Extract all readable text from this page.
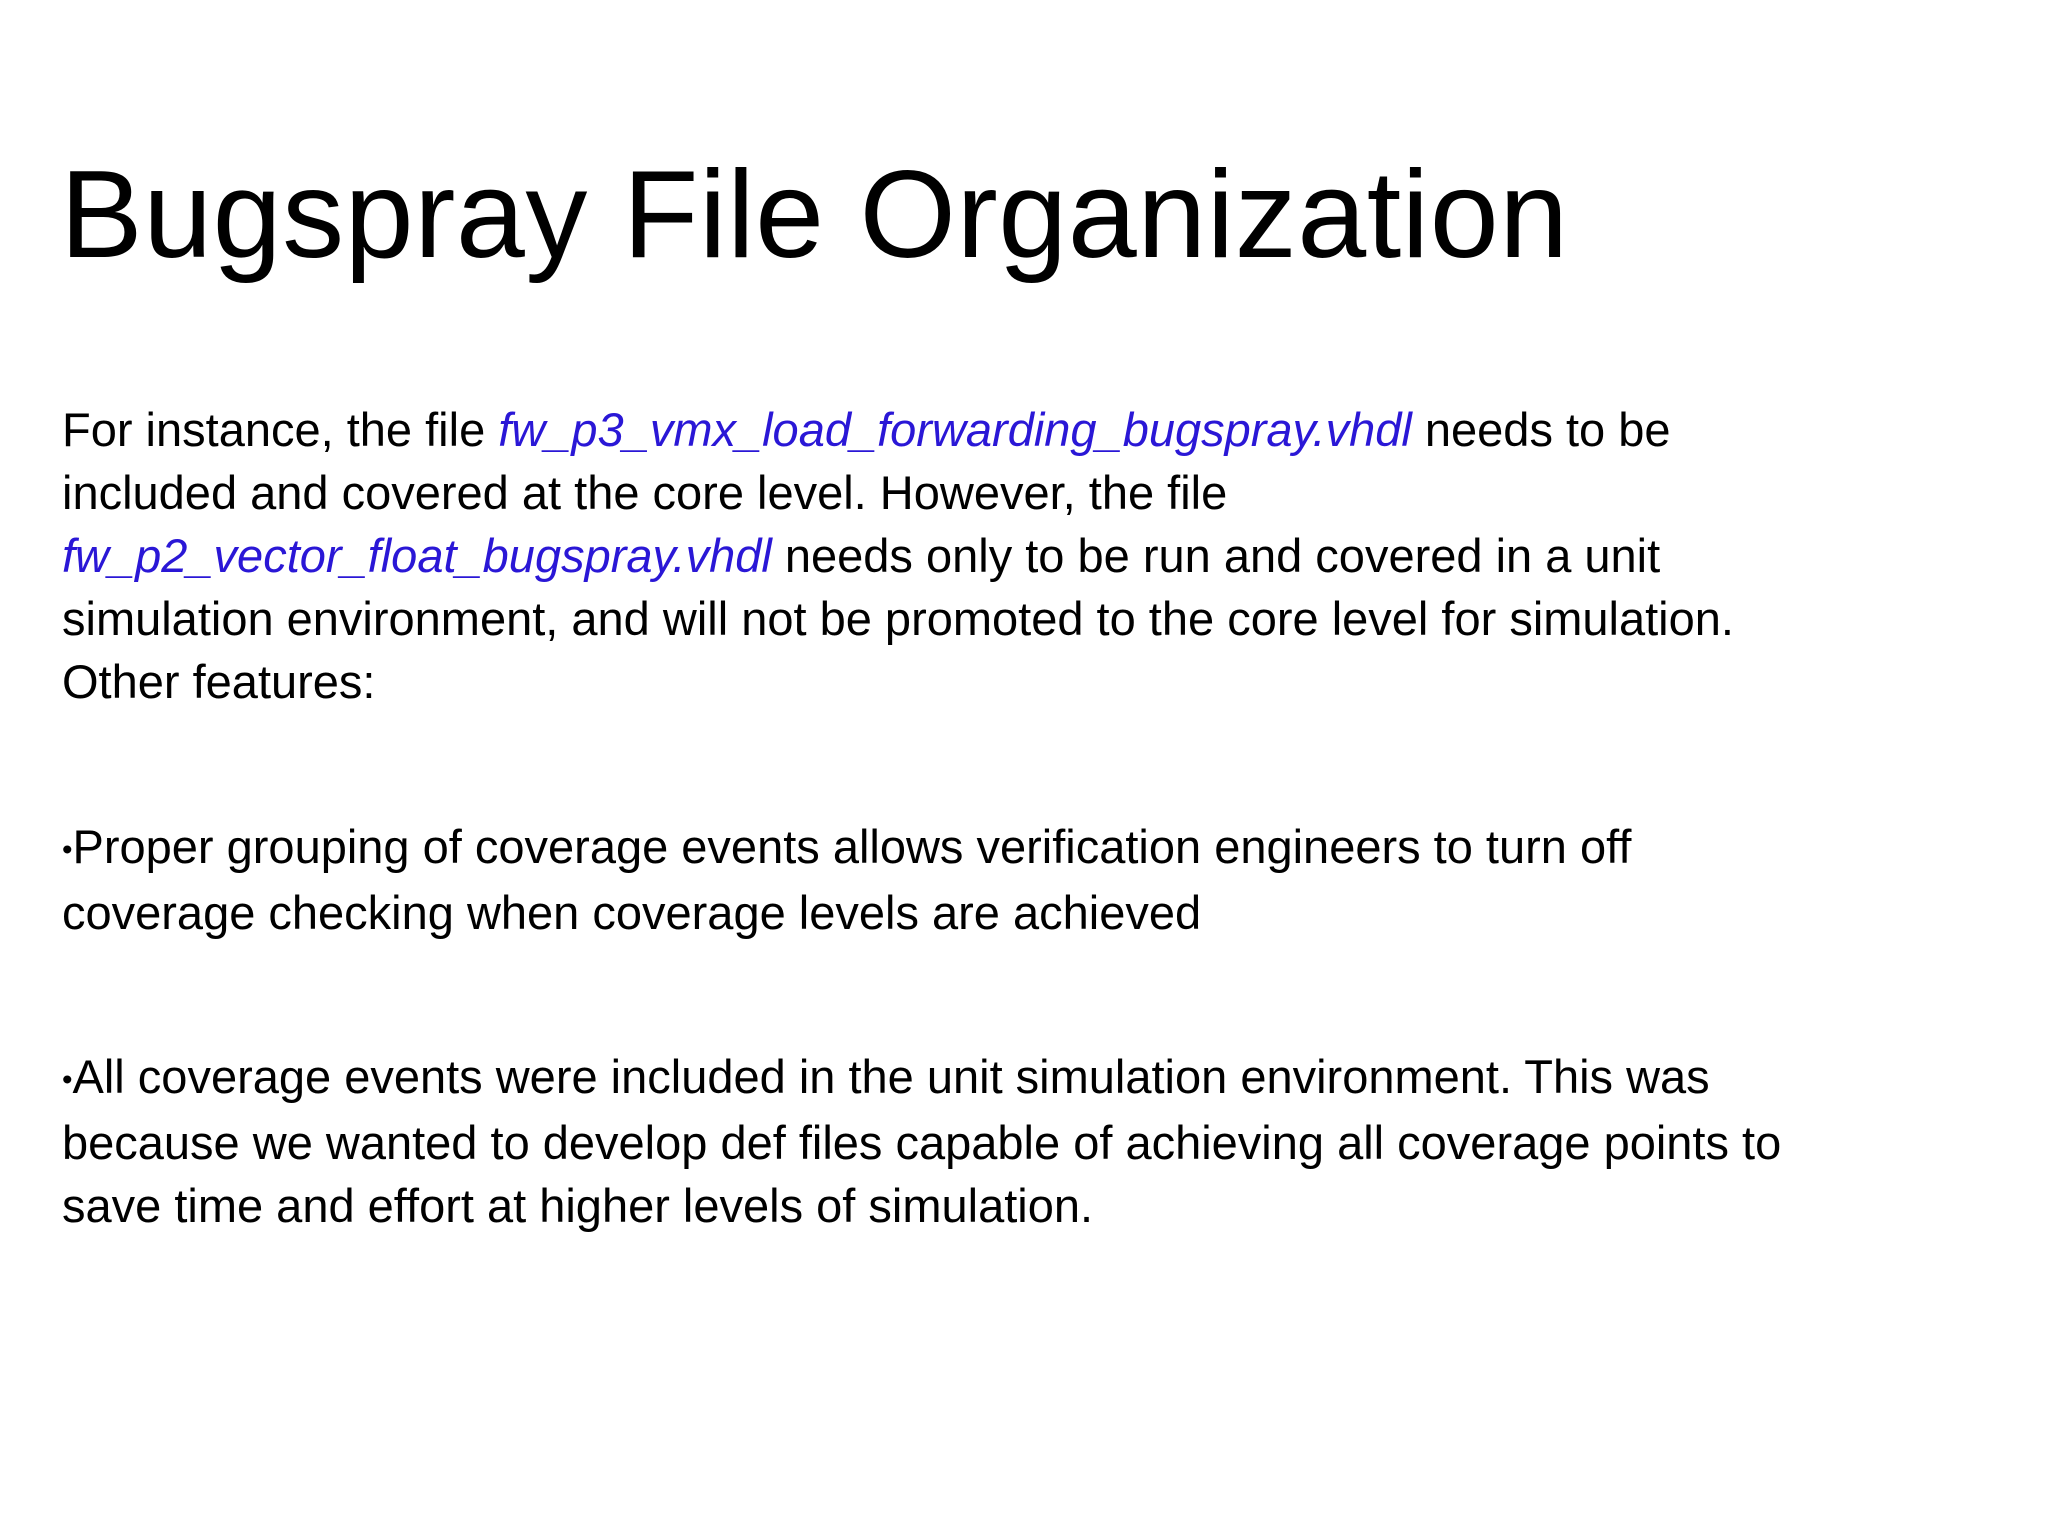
Bugspray File Organization

For instance, the file fw_p3_vmx_load_forwarding_bugspray.vhdl needs to be
included and covered at the core level. However, the file
fw_p2_vector_float_bugspray.vhdl needs only to be run and covered in a unit
simulation environment, and will not be promoted to the core level for simulation.
Other features:

•Proper grouping of coverage events allows verification engineers to turn off
coverage checking when coverage levels are achieved

•All coverage events were included in the unit simulation environment. This was
because we wanted to develop def files capable of achieving all coverage points to
save time and effort at higher levels of simulation.
